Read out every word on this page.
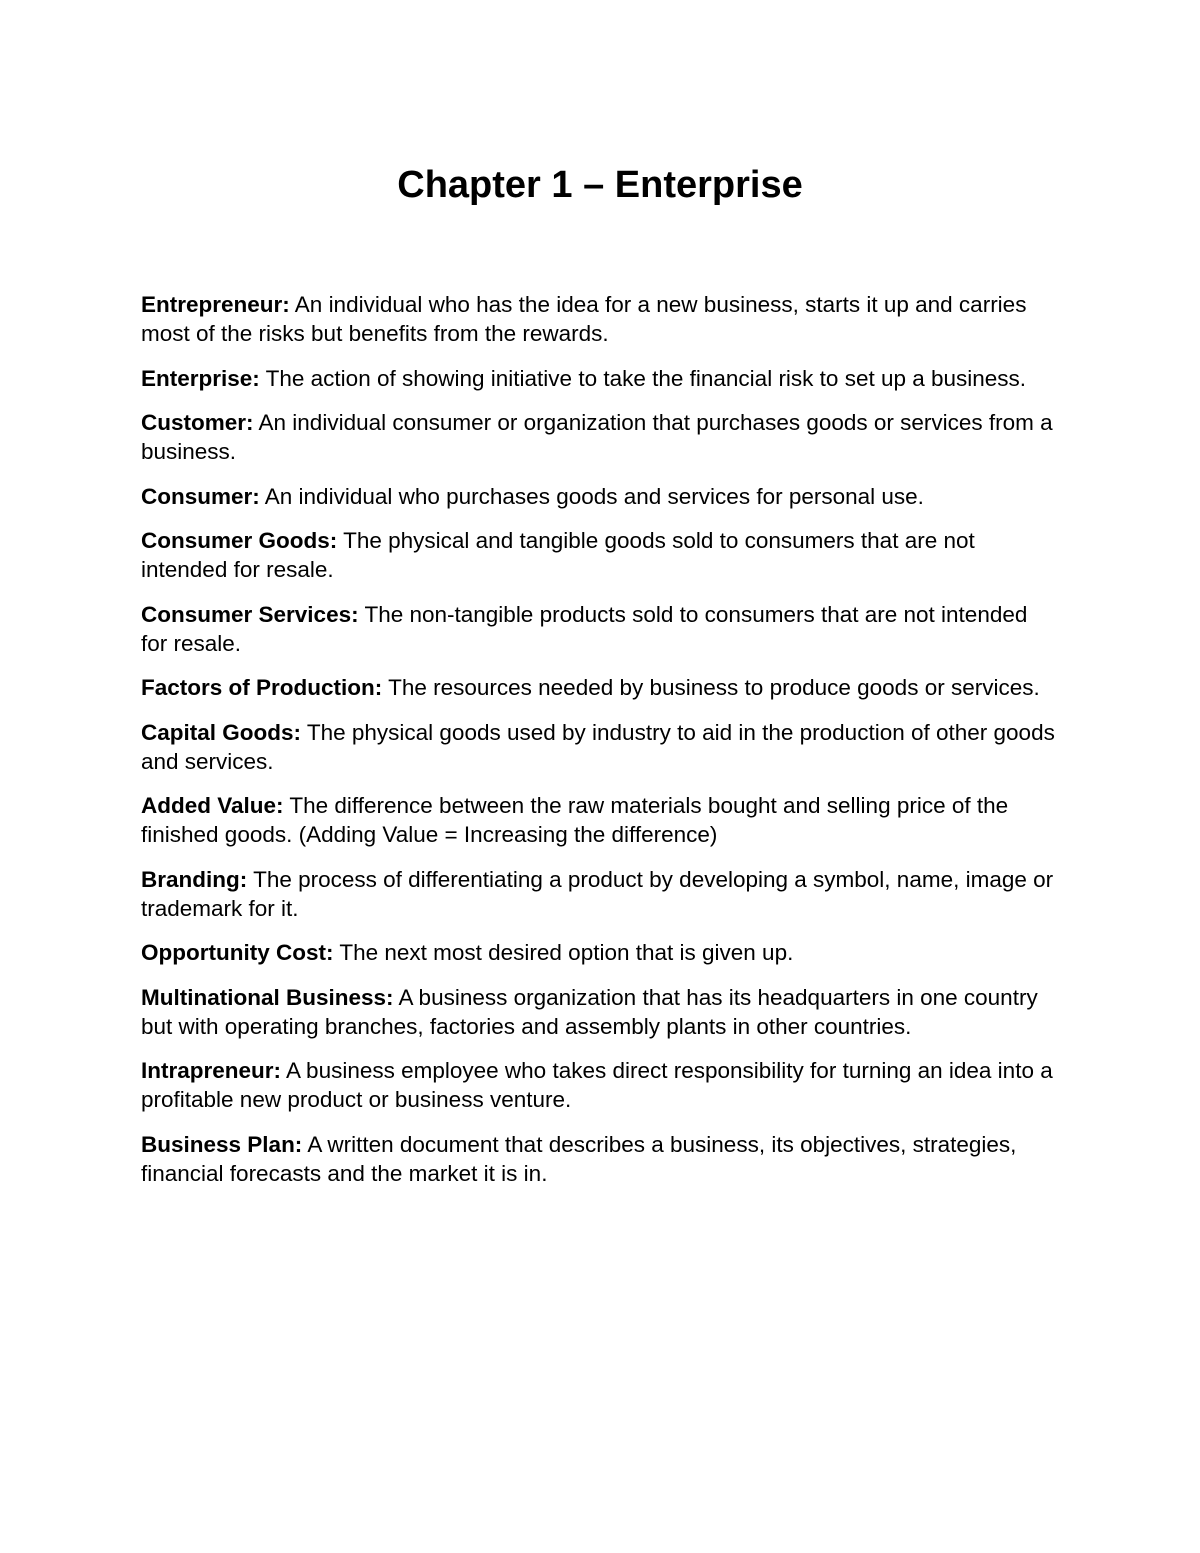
Chapter 1 – Enterprise
Entrepreneur: An individual who has the idea for a new business, starts it up and carries most of the risks but benefits from the rewards.
Enterprise: The action of showing initiative to take the financial risk to set up a business.
Customer: An individual consumer or organization that purchases goods or services from a business.
Consumer: An individual who purchases goods and services for personal use.
Consumer Goods: The physical and tangible goods sold to consumers that are not intended for resale.
Consumer Services: The non-tangible products sold to consumers that are not intended for resale.
Factors of Production: The resources needed by business to produce goods or services.
Capital Goods: The physical goods used by industry to aid in the production of other goods and services.
Added Value: The difference between the raw materials bought and selling price of the finished goods. (Adding Value = Increasing the difference)
Branding: The process of differentiating a product by developing a symbol, name, image or trademark for it.
Opportunity Cost: The next most desired option that is given up.
Multinational Business: A business organization that has its headquarters in one country but with operating branches, factories and assembly plants in other countries.
Intrapreneur: A business employee who takes direct responsibility for turning an idea into a profitable new product or business venture.
Business Plan: A written document that describes a business, its objectives, strategies, financial forecasts and the market it is in.
